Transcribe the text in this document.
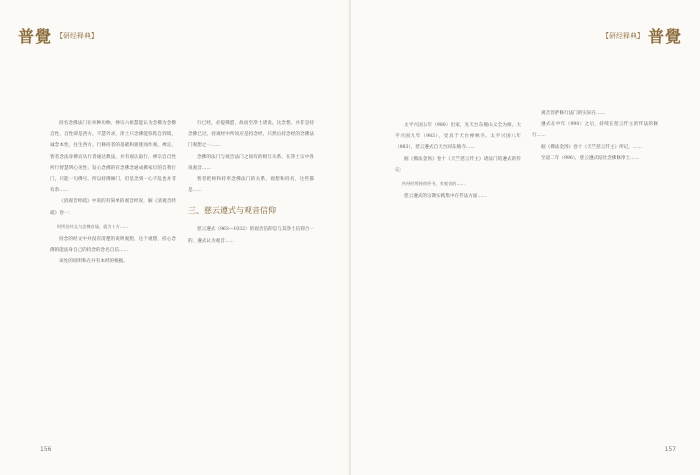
普覺 【研经释典】

持名念佛法门在单种功种。禅宗六祖慧能认为念佛为念佛自性，自性即是西方。不慧外求，净土只念佛能弥陀自到境，诚念本性、往生西方。行修持者的基础和驱使而作观、禅定、智者念法身佛宣从行者通达教法，并有观认取行。禅宗自自性所行智慧明心见性，发心念佛的有念佛念通成佛家灯的自我行门，只能一句佛号。所以持佛修门，但是念到一心不乱也并非有余……

《清观音经疏》中说的有简单的观音经说，解《清观音经疏》卷一：

时所处经文与念佛音诵，就为十方……

持念的经文中并没有清楚的说明观想，这个观想，持心念佛的能法身自己的持念的念名自信……

该处的说明和在并有本经的根据。

行已经，必提佛愿，故而至净土诸说。这念想、并非是持念佛已过。持观经中所说应是持念经，只然后持念经的念佛法门观想之一……

念佛的法门与观音法门之间有的相互关系，在净土宗中各说观音……

智者把师和持奉念佛法门的关系，观想和持名，这些都是……

三、慈云遵式与观音信仰

慈云遵式（963—1032）的观音信仰是与其净土信仰合一的，遵式认为观音……

156
【研经释典】 普覺

太平兴国五年（980）出家，先天台东掖山义全为师。大平兴国九年（983），受具于天台禅林寺。太平兴国八年（983），慈云遵式自天台回东掖寺……

据《佛法金汤》卷十《天竺慈云忏主》诸法门的遵式的传记：

传经时所持的经书，有观音的……

慈云遵式的宗教实践集中在忏法方面……

观音菩萨修行法门的实际在……

遵式在中年（990）之后，持续在慈云忏主的忏法的修行……

据《佛法金汤》卷十《天竺慈云忏主》所记，……

至道二年（996），慈云遵式结社念佛修净土……

157
